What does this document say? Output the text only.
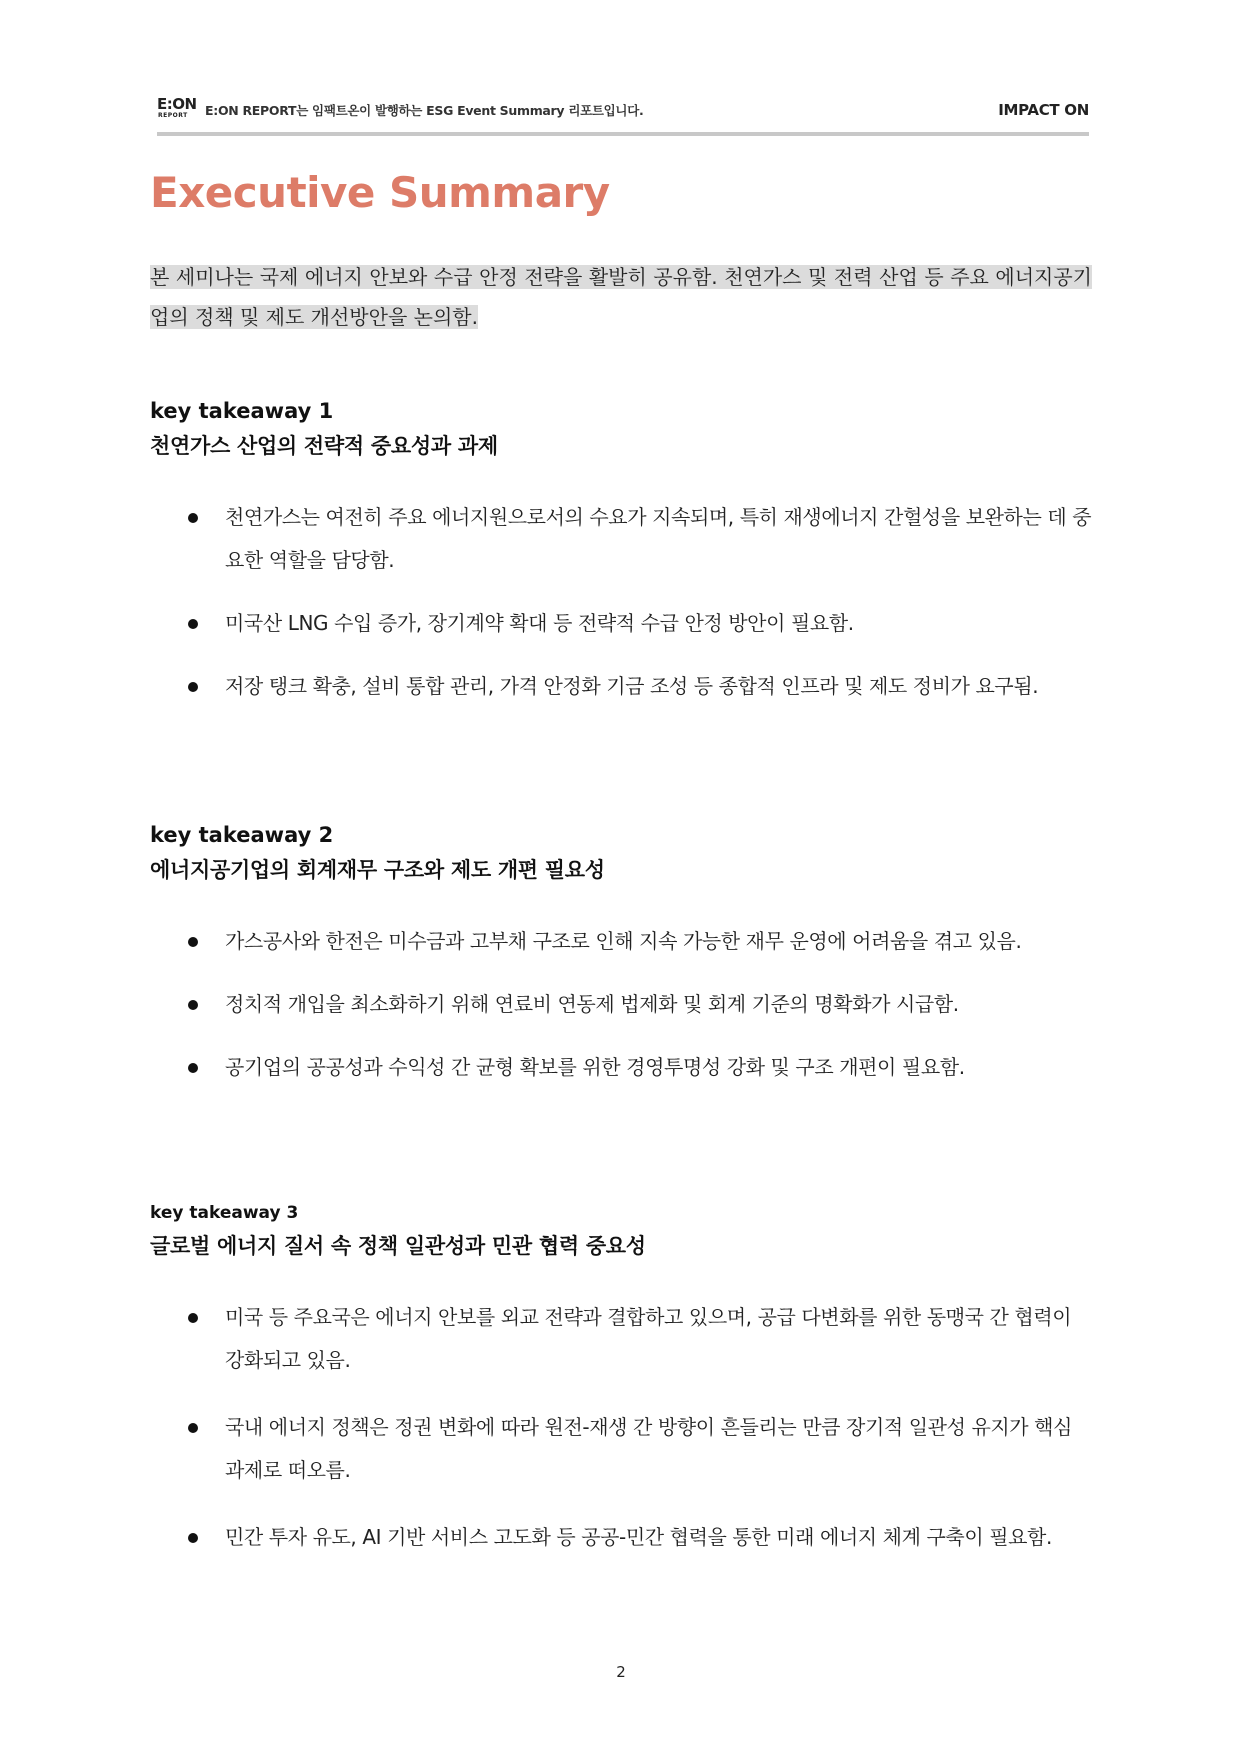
E:ON
REPORT E:ON REPORT는 임팩트온이 발행하는 ESG Event Summary 리포트입니다.	IMPACT ON
Executive Summary
본 세미나는 국제 에너지 안보와 수급 안정 전략을 활발히 공유함. 천연가스 및 전력 산업 등 주요 에너지공기업의 정책 및 제도 개선방안을 논의함.
key takeaway 1
천연가스 산업의 전략적 중요성과 과제
천연가스는 여전히 주요 에너지원으로서의 수요가 지속되며, 특히 재생에너지 간헐성을 보완하는 데 중요한 역할을 담당함.
미국산 LNG 수입 증가, 장기계약 확대 등 전략적 수급 안정 방안이 필요함.
저장 탱크 확충, 설비 통합 관리, 가격 안정화 기금 조성 등 종합적 인프라 및 제도 정비가 요구됨.
key takeaway 2
에너지공기업의 회계재무 구조와 제도 개편 필요성
가스공사와 한전은 미수금과 고부채 구조로 인해 지속 가능한 재무 운영에 어려움을 겪고 있음.
정치적 개입을 최소화하기 위해 연료비 연동제 법제화 및 회계 기준의 명확화가 시급함.
공기업의 공공성과 수익성 간 균형 확보를 위한 경영투명성 강화 및 구조 개편이 필요함.
key takeaway 3
글로벌 에너지 질서 속 정책 일관성과 민관 협력 중요성
미국 등 주요국은 에너지 안보를 외교 전략과 결합하고 있으며, 공급 다변화를 위한 동맹국 간 협력이 강화되고 있음.
국내 에너지 정책은 정권 변화에 따라 원전-재생 간 방향이 흔들리는 만큼 장기적 일관성 유지가 핵심 과제로 떠오름.
민간 투자 유도, AI 기반 서비스 고도화 등 공공-민간 협력을 통한 미래 에너지 체계 구축이 필요함.
2
